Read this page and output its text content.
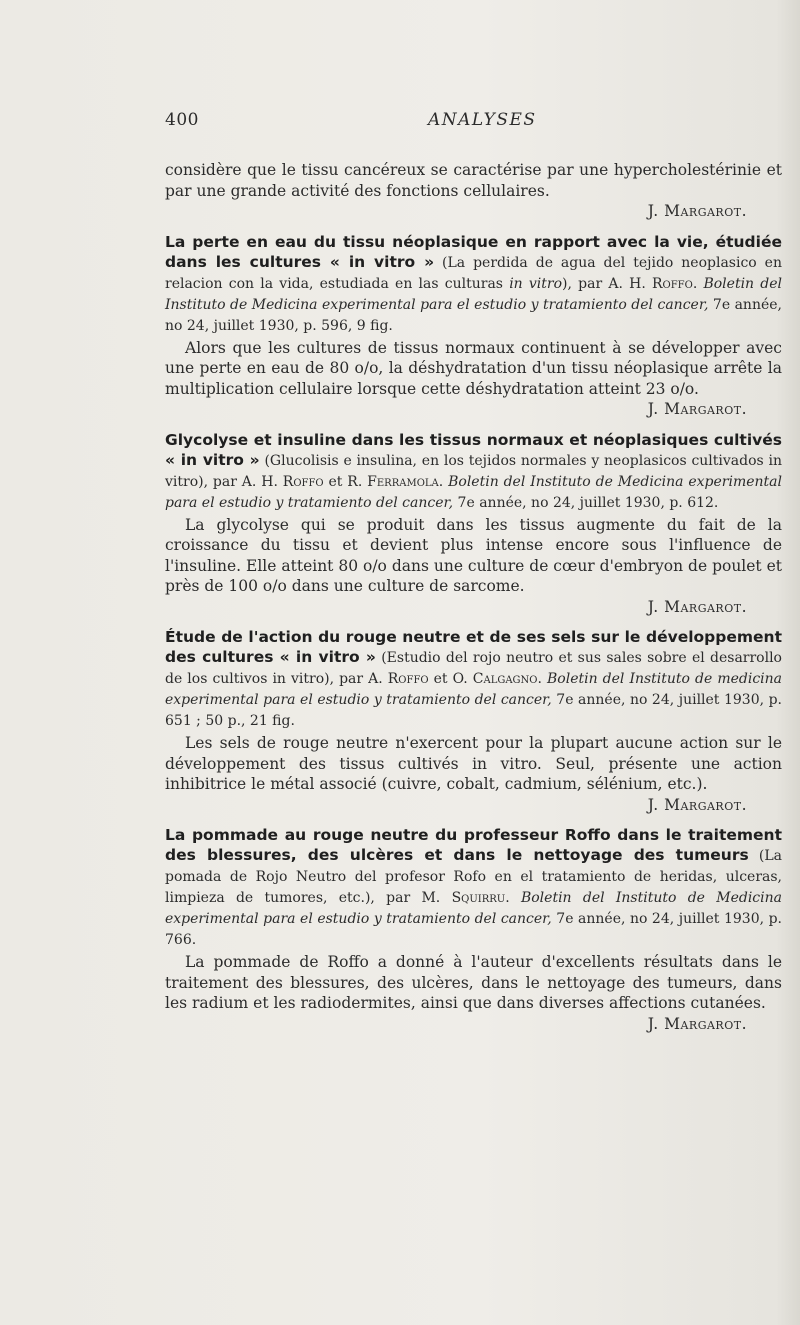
400	ANALYSES

considère que le tissu cancéreux se caractérise par une hypercholestérinie et par une grande activité des fonctions cellulaires.

J. Margarot.

La perte en eau du tissu néoplasique en rapport avec la vie, étudiée dans les cultures « in vitro » (La perdida de agua del tejido neoplasico en relacion con la vida, estudiada en las culturas in vitro), par A. H. Roffo. Boletin del Instituto de Medicina experimental para el estudio y tratamiento del cancer, 7e année, no 24, juillet 1930, p. 596, 9 fig.

Alors que les cultures de tissus normaux continuent à se développer avec une perte en eau de 80 o/o, la déshydratation d'un tissu néoplasique arrête la multiplication cellulaire lorsque cette déshydratation atteint 23 o/o.

J. Margarot.

Glycolyse et insuline dans les tissus normaux et néoplasiques cultivés « in vitro » (Glucolisis e insulina, en los tejidos normales y neoplasicos cultivados in vitro), par A. H. Roffo et R. Ferramola. Boletin del Instituto de Medicina experimental para el estudio y tratamiento del cancer, 7e année, no 24, juillet 1930, p. 612.

La glycolyse qui se produit dans les tissus augmente du fait de la croissance du tissu et devient plus intense encore sous l'influence de l'insuline. Elle atteint 80 o/o dans une culture de cœur d'embryon de poulet et près de 100 o/o dans une culture de sarcome.

J. Margarot.

Étude de l'action du rouge neutre et de ses sels sur le développement des cultures « in vitro » (Estudio del rojo neutro et sus sales sobre el desarrollo de los cultivos in vitro), par A. Roffo et O. Calgagno. Boletin del Instituto de medicina experimental para el estudio y tratamiento del cancer, 7e année, no 24, juillet 1930, p. 651 ; 50 p., 21 fig.

Les sels de rouge neutre n'exercent pour la plupart aucune action sur le développement des tissus cultivés in vitro. Seul, présente une action inhibitrice le métal associé (cuivre, cobalt, cadmium, sélénium, etc.).

J. Margarot.

La pommade au rouge neutre du professeur Roffo dans le traitement des blessures, des ulcères et dans le nettoyage des tumeurs (La pomada de Rojo Neutro del profesor Rofo en el tratamiento de heridas, ulceras, limpieza de tumores, etc.), par M. Squirru. Boletin del Instituto de Medicina experimental para el estudio y tratamiento del cancer, 7e année, no 24, juillet 1930, p. 766.

La pommade de Roffo a donné à l'auteur d'excellents résultats dans le traitement des blessures, des ulcères, dans le nettoyage des tumeurs, dans les radium et les radiodermites, ainsi que dans diverses affections cutanées.

J. Margarot.
